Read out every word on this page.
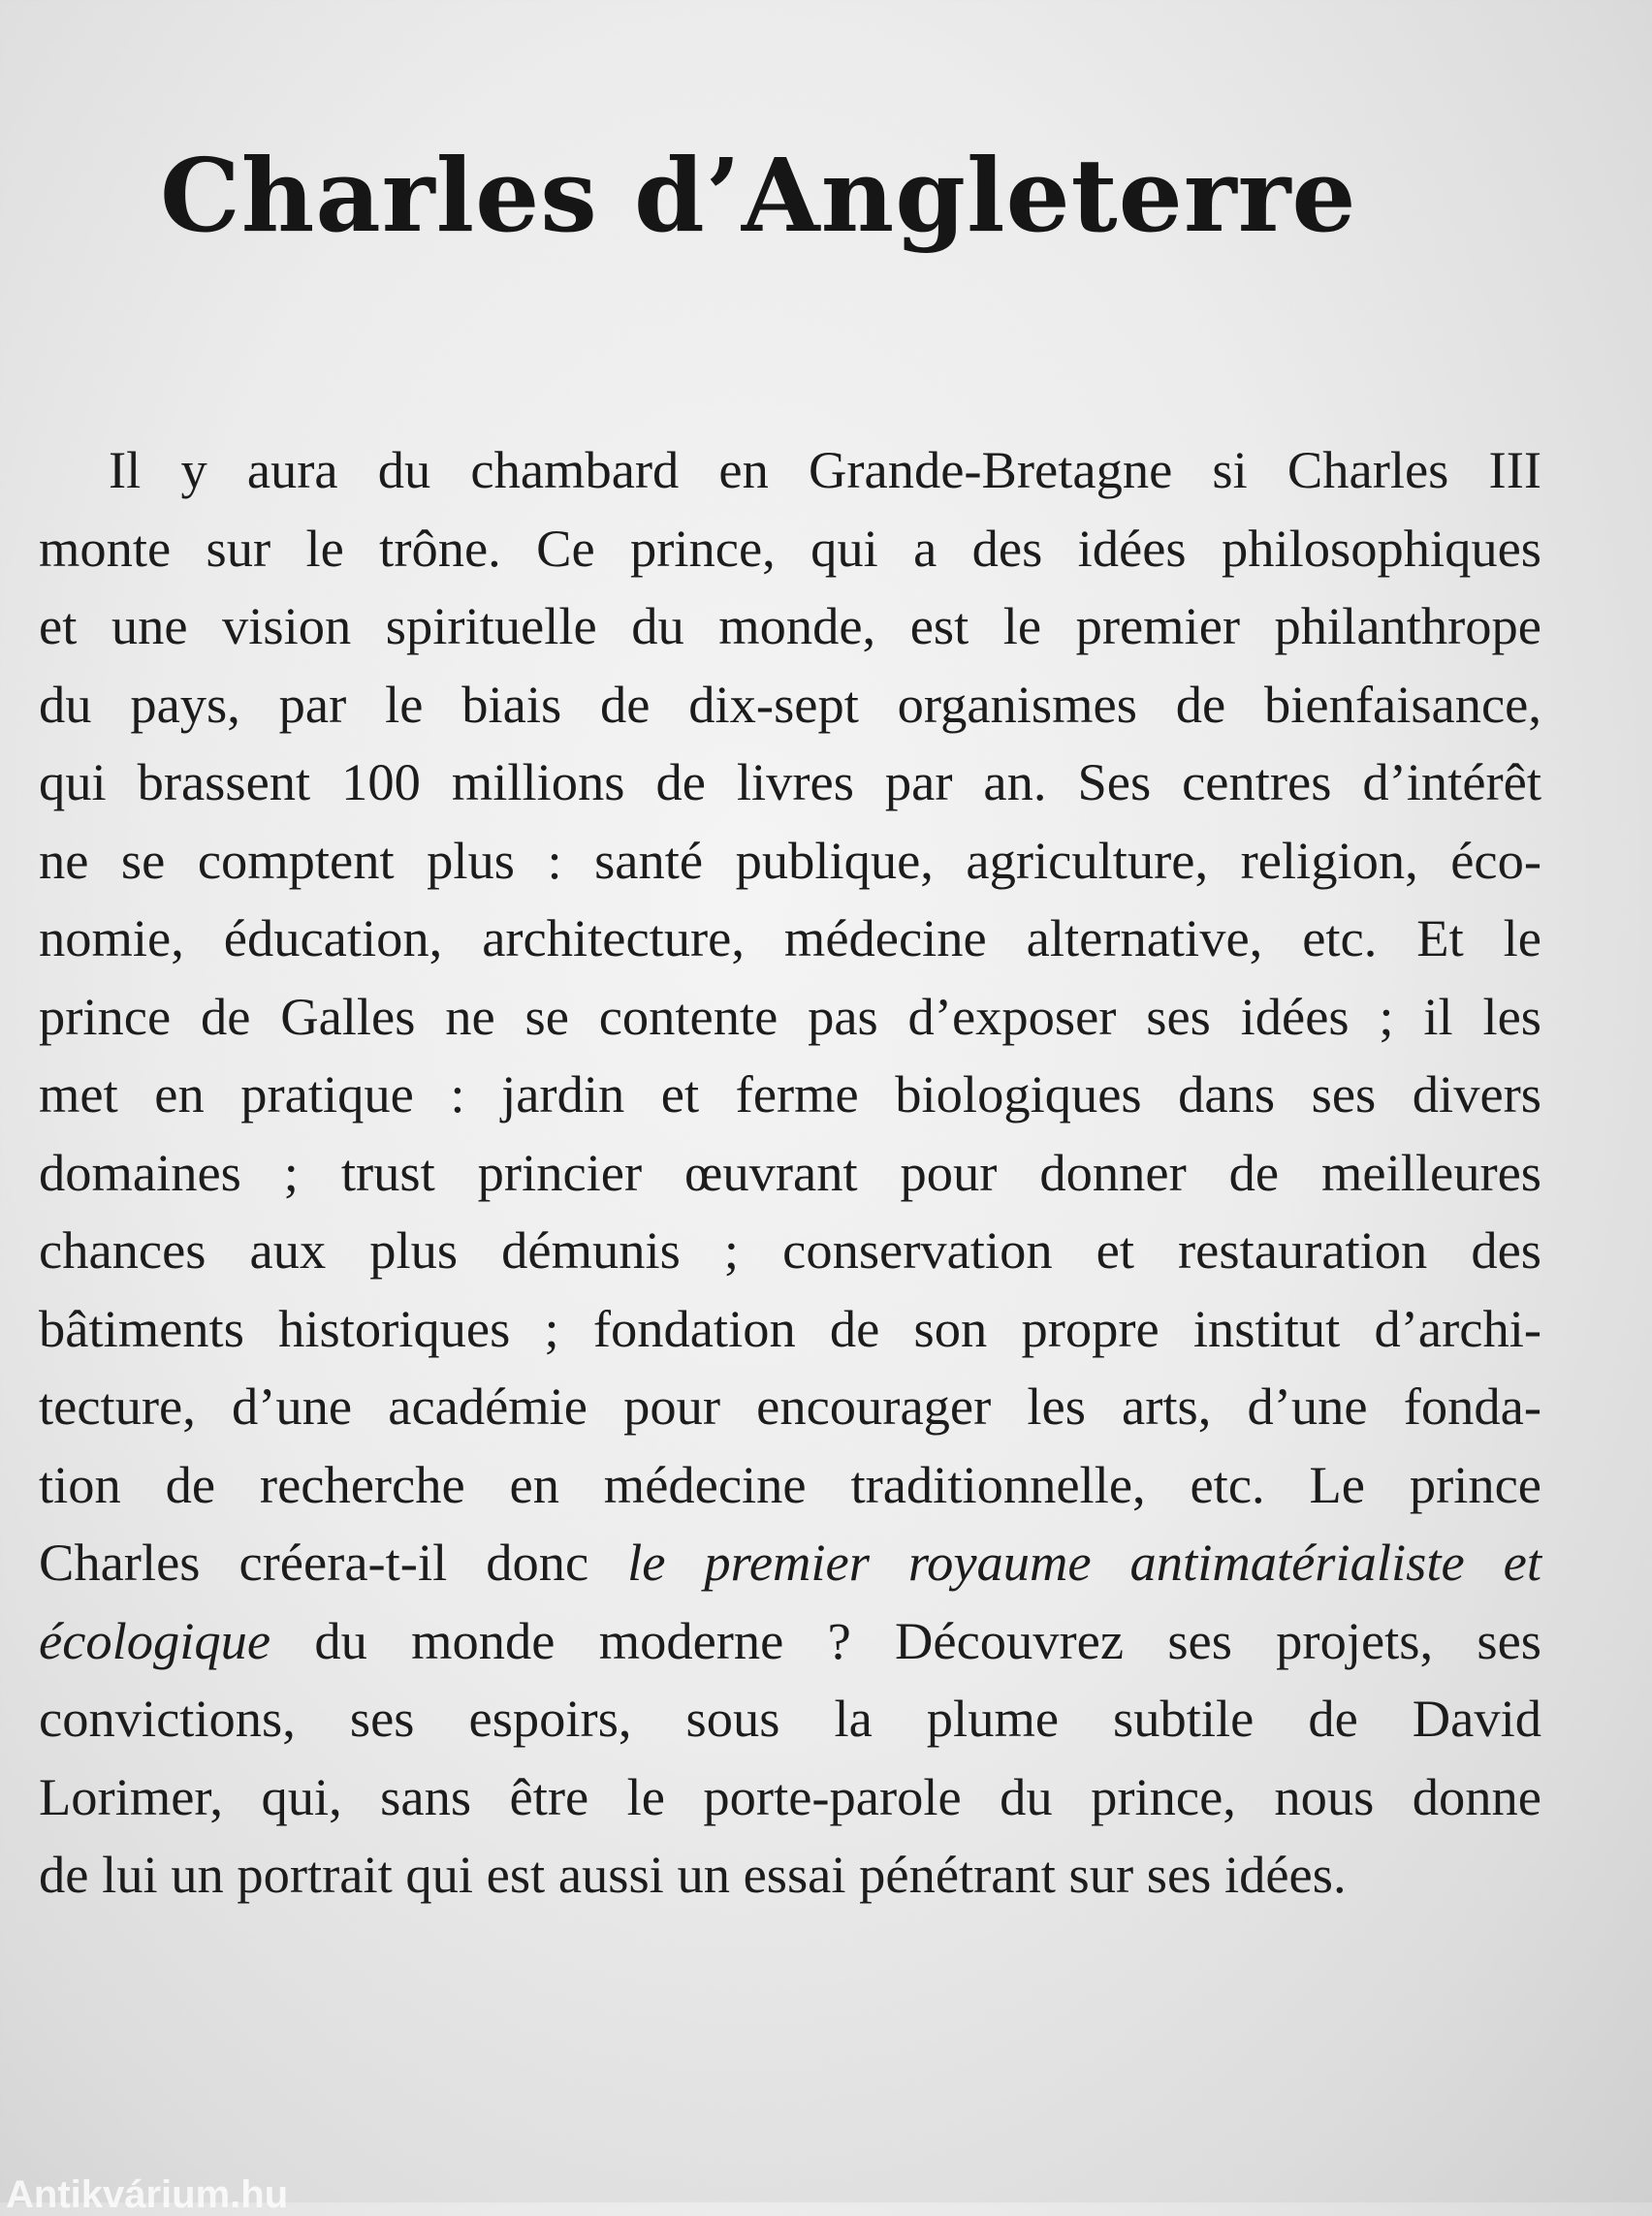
Charles d’Angleterre
Il y aura du chambard en Grande-Bretagne si Charles III
monte sur le trône. Ce prince, qui a des idées philosophiques
et une vision spirituelle du monde, est le premier philanthrope
du pays, par le biais de dix-sept organismes de bienfaisance,
qui brassent 100 millions de livres par an. Ses centres d’intérêt
ne se comptent plus : santé publique, agriculture, religion, éco-
nomie, éducation, architecture, médecine alternative, etc. Et le
prince de Galles ne se contente pas d’exposer ses idées ; il les
met en pratique : jardin et ferme biologiques dans ses divers
domaines ; trust princier œuvrant pour donner de meilleures
chances aux plus démunis ; conservation et restauration des
bâtiments historiques ; fondation de son propre institut d’archi-
tecture, d’une académie pour encourager les arts, d’une fonda-
tion de recherche en médecine traditionnelle, etc. Le prince
Charles créera-t-il donc le premier royaume antimatérialiste et
écologique du monde moderne ? Découvrez ses projets, ses
convictions, ses espoirs, sous la plume subtile de David
Lorimer, qui, sans être le porte-parole du prince, nous donne
de lui un portrait qui est aussi un essai pénétrant sur ses idées.
Antikvárium.hu
